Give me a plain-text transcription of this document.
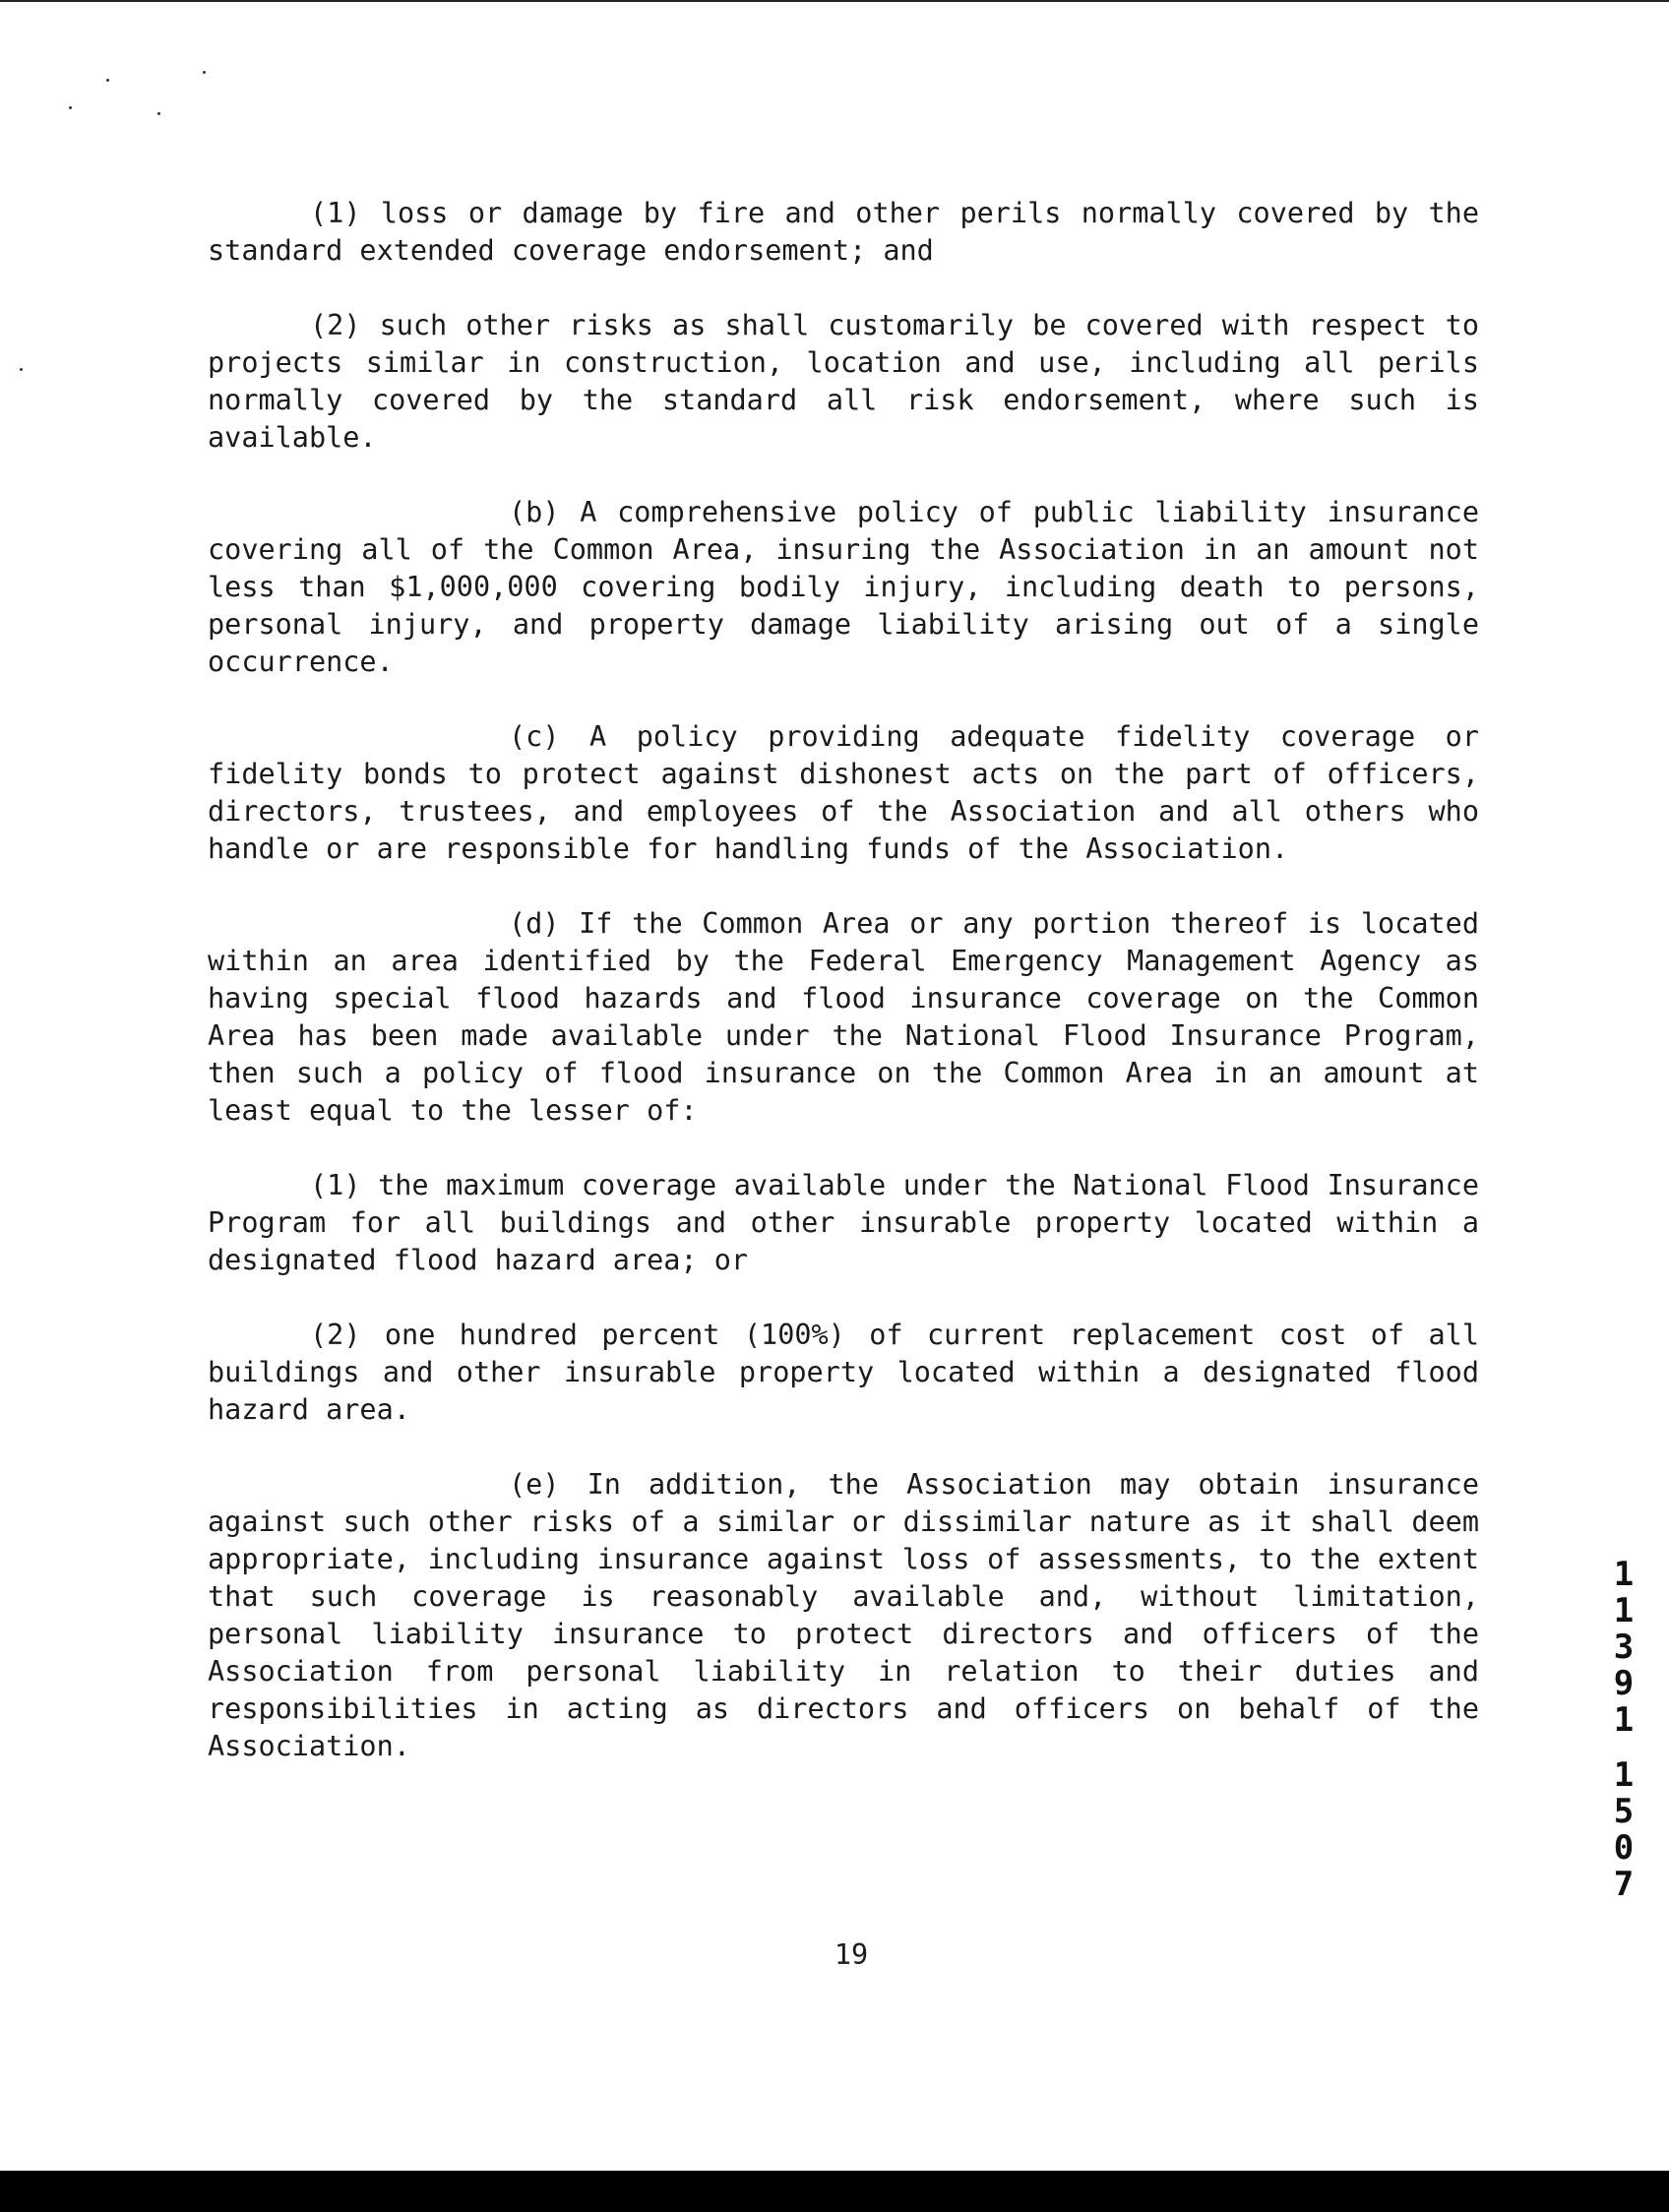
(1) loss or damage by fire and other perils normally covered by the standard extended coverage endorsement; and

(2) such other risks as shall customarily be covered with respect to projects similar in construction, location and use, including all perils normally covered by the standard all risk endorsement, where such is available.

(b) A comprehensive policy of public liability insurance covering all of the Common Area, insuring the Association in an amount not less than $1,000,000 covering bodily injury, including death to persons, personal injury, and property damage liability arising out of a single occurrence.

(c) A policy providing adequate fidelity coverage or fidelity bonds to protect against dishonest acts on the part of officers, directors, trustees, and employees of the Association and all others who handle or are responsible for handling funds of the Association.

(d) If the Common Area or any portion thereof is located within an area identified by the Federal Emergency Management Agency as having special flood hazards and flood insurance coverage on the Common Area has been made available under the National Flood Insurance Program, then such a policy of flood insurance on the Common Area in an amount at least equal to the lesser of:

(1) the maximum coverage available under the National Flood Insurance Program for all buildings and other insurable property located within a designated flood hazard area; or

(2) one hundred percent (100%) of current replacement cost of all buildings and other insurable property located within a designated flood hazard area.

(e) In addition, the Association may obtain insurance against such other risks of a similar or dissimilar nature as it shall deem appropriate, including insurance against loss of assessments, to the extent that such coverage is reasonably available and, without limitation, personal liability insurance to protect directors and officers of the Association from personal liability in relation to their duties and responsibilities in acting as directors and officers on behalf of the Association.

19
1
1
3
9
1
1
5
0
7
